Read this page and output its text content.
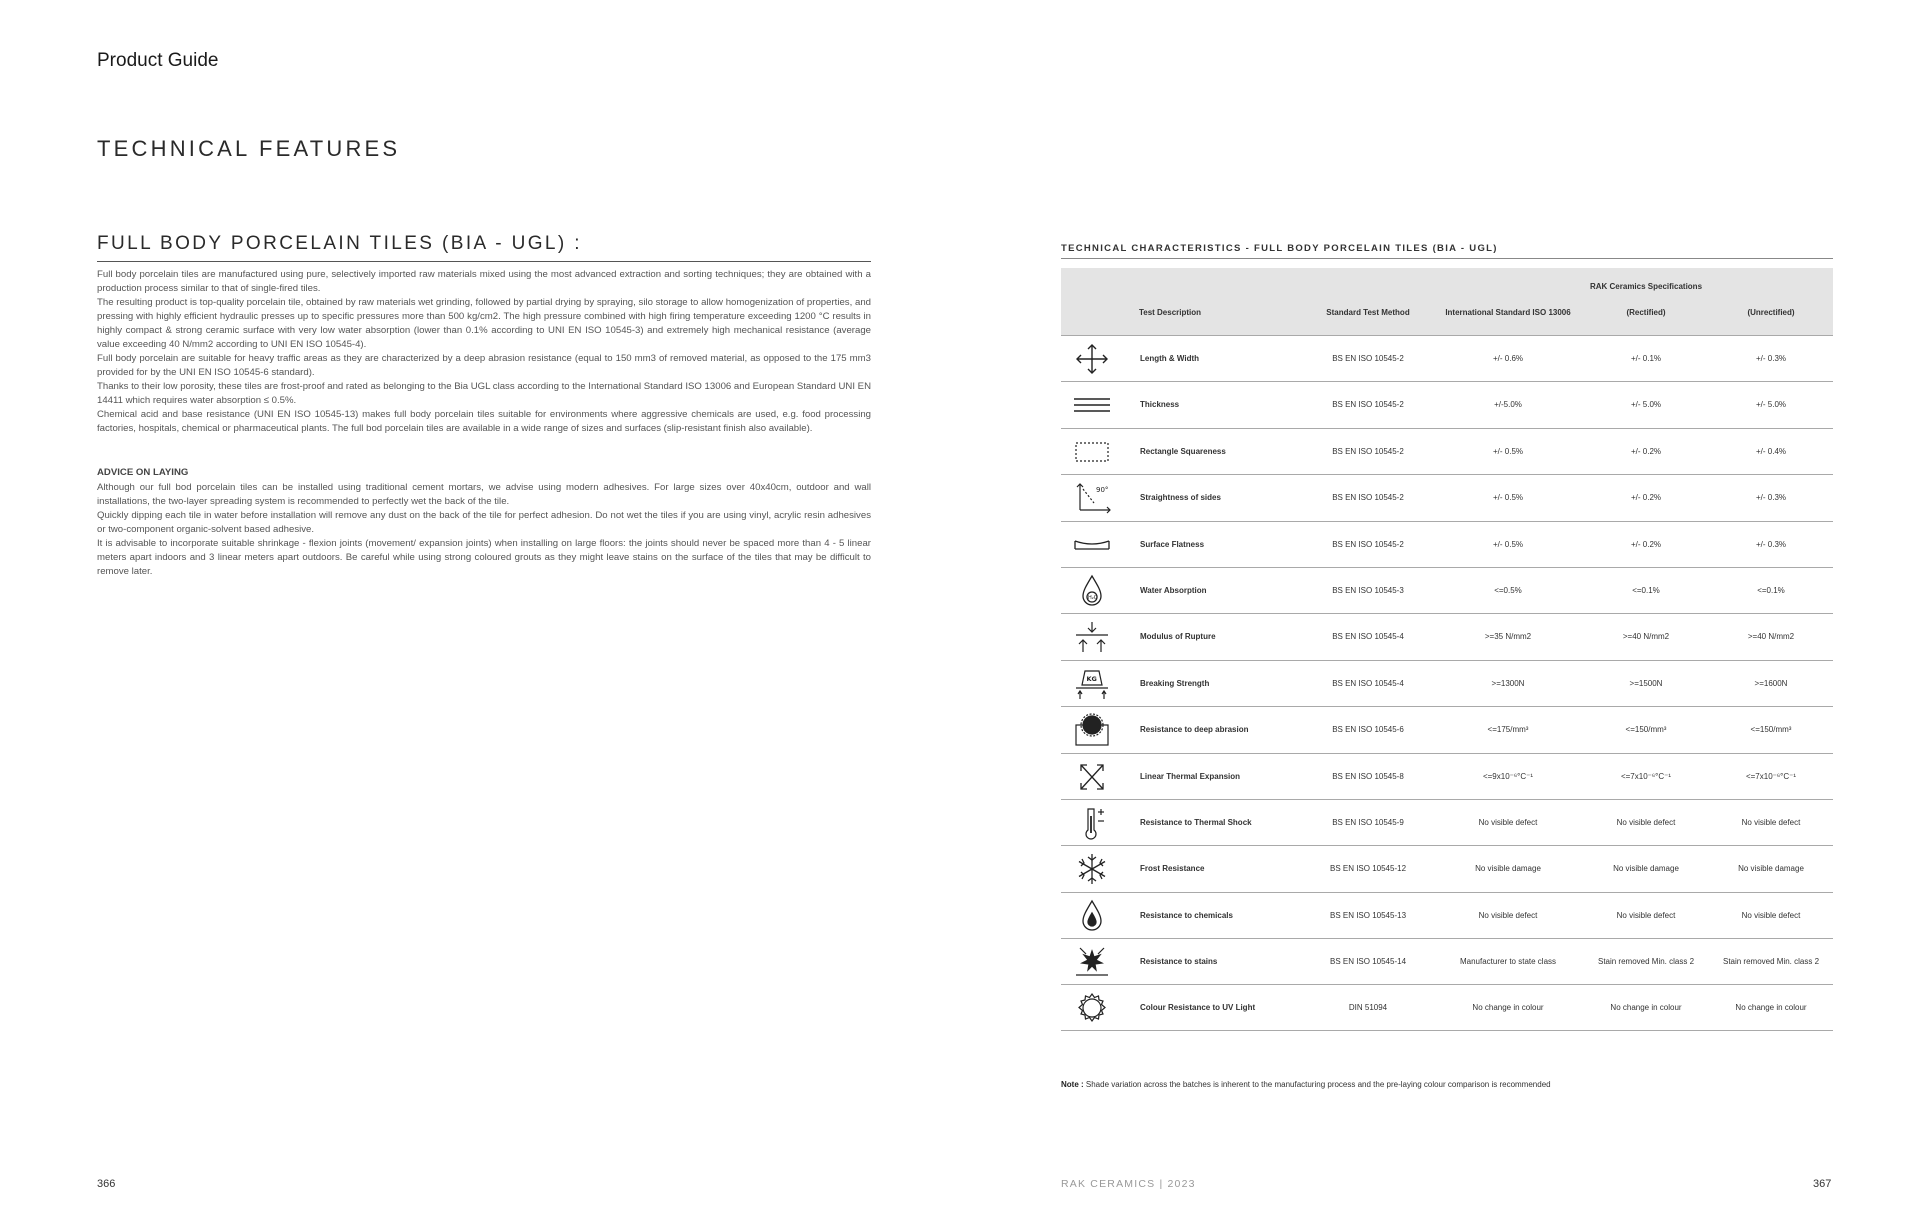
Product Guide
TECHNICAL FEATURES
FULL BODY PORCELAIN TILES (BIA - UGL) :

Full body porcelain tiles are manufactured using pure, selectively imported raw materials mixed using the most advanced extraction and sorting techniques; they are obtained with a production process similar to that of single-fired tiles.

The resulting product is top-quality porcelain tile, obtained by raw materials wet grinding, followed by partial drying by spraying, silo storage to allow homogenization of properties, and pressing with highly efficient hydraulic presses up to specific pressures more than 500 kg/cm2. The high pressure combined with high firing temperature exceeding 1200 °C results in highly compact & strong ceramic surface with very low water absorption (lower than 0.1% according to UNI EN ISO 10545-3) and extremely high mechanical resistance (average value exceeding 40 N/mm2 according to UNI EN ISO 10545-4).

Full body porcelain are suitable for heavy traffic areas as they are characterized by a deep abrasion resistance (equal to 150 mm3 of removed material, as opposed to the 175 mm3 provided for by the UNI EN ISO 10545-6 standard).

Thanks to their low porosity, these tiles are frost-proof and rated as belonging to the Bia UGL class according to the International Standard ISO 13006 and European Standard UNI EN 14411 which requires water absorption ≤ 0.5%.

Chemical acid and base resistance (UNI EN ISO 10545-13) makes full body porcelain tiles suitable for environments where aggressive chemicals are used, e.g. food processing factories, hospitals, chemical or pharmaceutical plants. The full bod porcelain tiles are available in a wide range of sizes and surfaces (slip-resistant finish also available).

ADVICE ON LAYING

Although our full bod porcelain tiles can be installed using traditional cement mortars, we advise using modern adhesives. For large sizes over 40x40cm, outdoor and wall installations, the two-layer spreading system is recommended to perfectly wet the back of the tile.

Quickly dipping each tile in water before installation will remove any dust on the back of the tile for perfect adhesion. Do not wet the tiles if you are using vinyl, acrylic resin adhesives or two-component organic-solvent based adhesive.

It is advisable to incorporate suitable shrinkage - flexion joints (movement/ expansion joints) when installing on large floors: the joints should never be spaced more than 4 - 5 linear meters apart indoors and 3 linear meters apart outdoors. Be careful while using strong coloured grouts as they might leave stains on the surface of the tiles that may be difficult to remove later.

TECHNICAL CHARACTERISTICS - FULL BODY PORCELAIN TILES (BIA - UGL)
Test Description	Standard Test Method	International Standard ISO 13006
RAK Ceramics Specifications
(Rectified)	(Unrectified)
Length & Width	BS EN ISO 10545-2	+/- 0.6%	+/- 0.1%	+/- 0.3%
Thickness	BS EN ISO 10545-2	+/-5.0%	+/- 5.0%	+/- 5.0%
Rectangle Squareness	BS EN ISO 10545-2	+/- 0.5%	+/- 0.2%	+/- 0.4%
90°
Straightness of sides	BS EN ISO 10545-2	+/- 0.5%	+/- 0.2%	+/- 0.3%
Surface Flatness	BS EN ISO 10545-2	+/- 0.5%	+/- 0.2%	+/- 0.3%
H₂O
Water Absorption	BS EN ISO 10545-3	<=0.5%	<=0.1%	<=0.1%
Modulus of Rupture	BS EN ISO 10545-4	>=35 N/mm2	>=40 N/mm2	>=40 N/mm2
KG	Breaking Strength	BS EN ISO 10545-4	>=1300N	>=1500N	>=1600N
Resistance to deep abrasion	BS EN ISO 10545-6	<=175/mm³	<=150/mm³	<=150/mm³
Linear Thermal Expansion	BS EN ISO 10545-8	<=9x10⁻⁶°C⁻¹	<=7x10⁻⁶°C⁻¹	<=7x10⁻⁶°C⁻¹
Resistance to Thermal Shock	BS EN ISO 10545-9	No visible defect	No visible defect	No visible defect
Frost Resistance	BS EN ISO 10545-12	No visible damage	No visible damage	No visible damage
Resistance to chemicals	BS EN ISO 10545-13	No visible defect	No visible defect	No visible defect
Resistance to stains	BS EN ISO 10545-14	Manufacturer to state class	Stain removed Min. class 2	Stain removed Min. class 2
Colour Resistance to UV Light	DIN 51094	No change in colour	No change in colour	No change in colour
Note : Shade variation across the batches is inherent to the manufacturing process and the pre-laying colour comparison is recommended
366	RAK CERAMICS | 2023	367
